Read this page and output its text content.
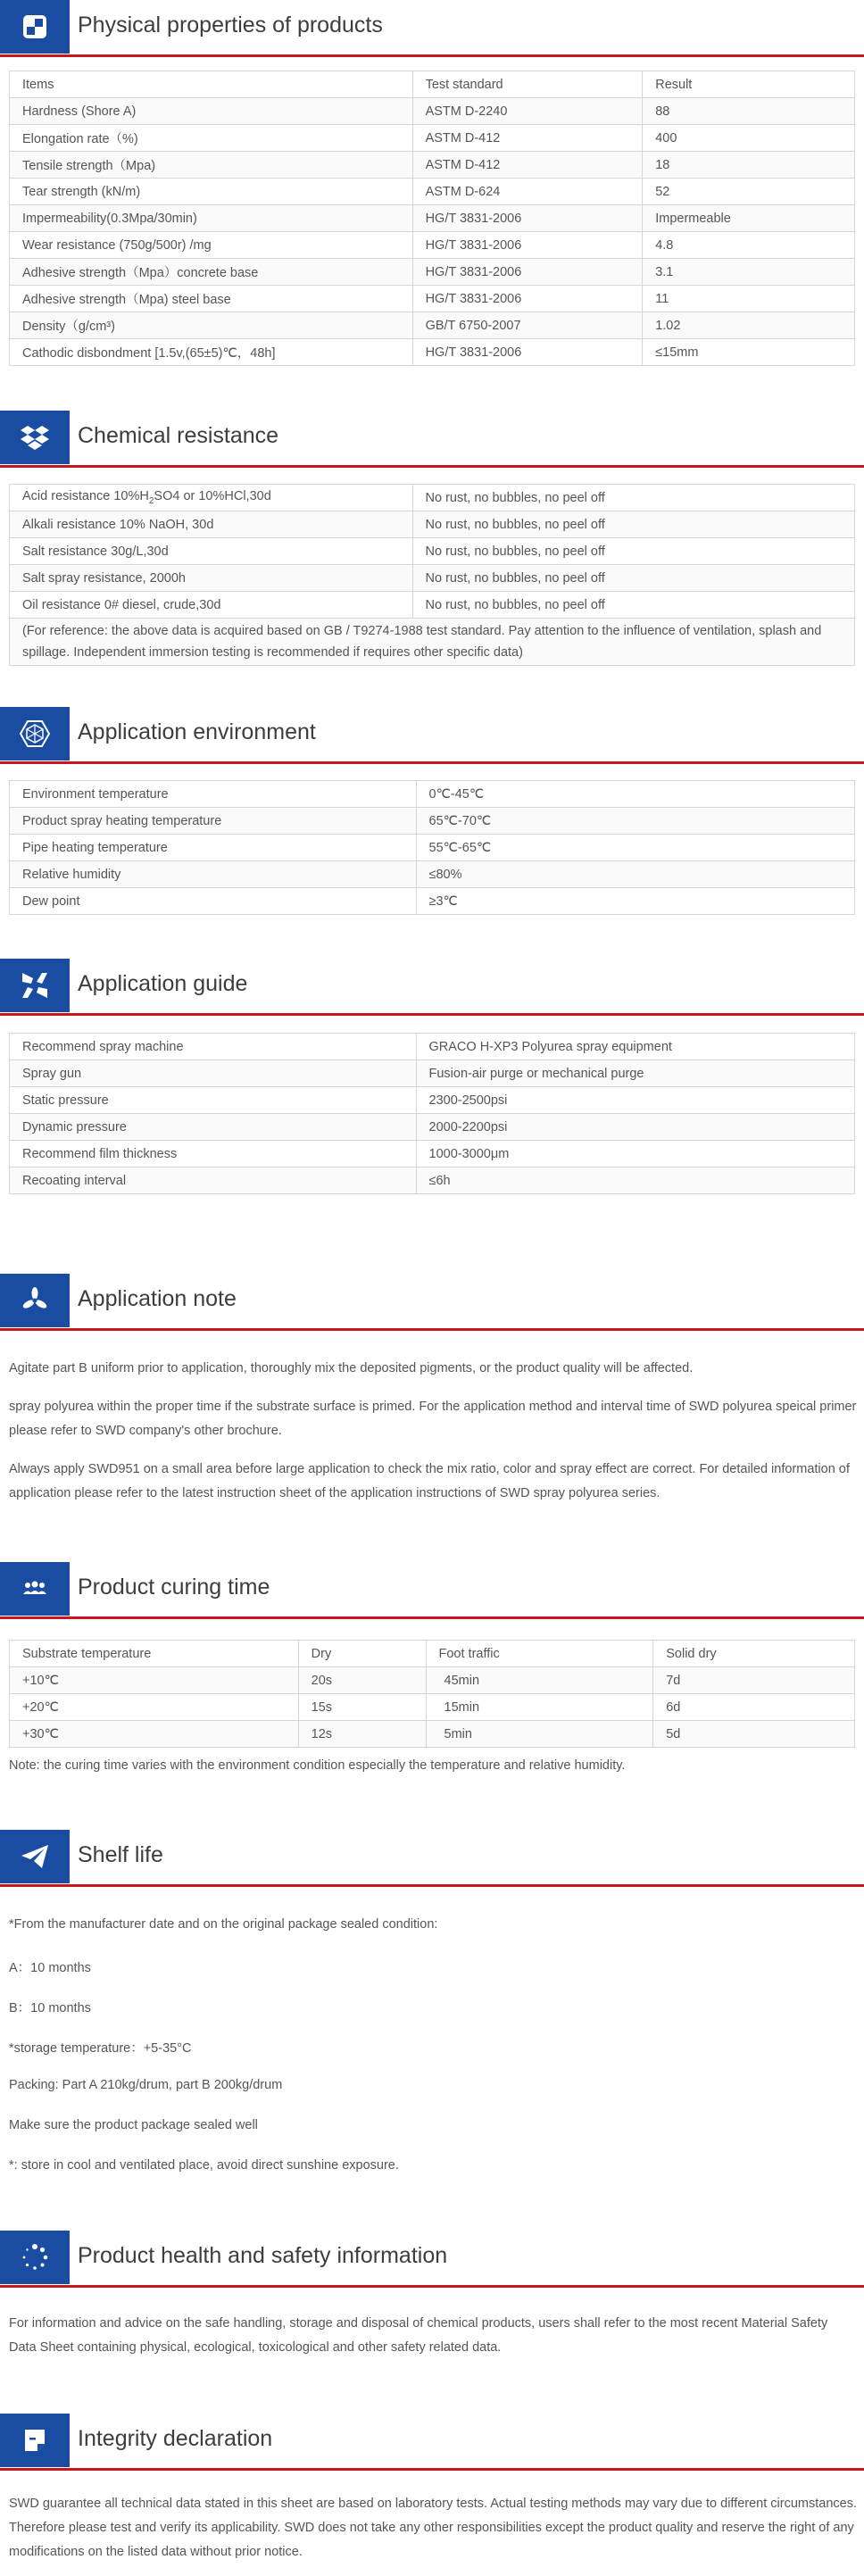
Physical properties of products
Items	Test standard	Result
Hardness (Shore A)	ASTM D-2240	88
Elongation rate（%)	ASTM D-412	400
Tensile strength（Mpa)	ASTM D-412	18
Tear strength (kN/m)	ASTM D-624	52
Impermeability(0.3Mpa/30min)	HG/T 3831-2006	Impermeable
Wear resistance (750g/500r) /mg	HG/T 3831-2006	4.8
Adhesive strength（Mpa）concrete base	HG/T 3831-2006	3.1
Adhesive strength（Mpa) steel base	HG/T 3831-2006	11
Density（g/cm³)	GB/T 6750-2007	1.02
Cathodic disbondment [1.5v,(65±5)℃，48h]	HG/T 3831-2006	≤15mm
Chemical resistance
Acid resistance $10\%H_2SO4$ or 10%HCl,30d	No rust, no bubbles, no peel off
Alkali resistance 10% NaOH, 30d	No rust, no bubbles, no peel off
Salt resistance 30g/L,30d	No rust, no bubbles, no peel off
Salt spray resistance, 2000h	No rust, no bubbles, no peel off
Oil resistance 0# diesel, crude,30d	No rust, no bubbles, no peel off
(For reference: the above data is acquired based on GB / T9274-1988 test standard. Pay attention to the influence of ventilation, splash and spillage. Independent immersion testing is recommended if requires other specific data)	
Application environment
Environment temperature	0℃-45℃
Product spray heating temperature	65℃-70℃
Pipe heating temperature	55℃-65℃
Relative humidity	≤80%
Dew point	≥3℃
Application guide
Recommend spray machine	GRACO H-XP3 Polyurea spray equipment
Spray gun	Fusion-air purge or mechanical purge
Static pressure	2300-2500psi
Dynamic pressure	2000-2200psi
Recommend film thickness	1000-3000μm
Recoating interval	≤6h
Application note
Agitate part B uniform prior to application, thoroughly mix the deposited pigments, or the product quality will be affected.
spray polyurea within the proper time if the substrate surface is primed. For the application method and interval time of SWD polyurea speical primer please refer to SWD company's other brochure.
Always apply SWD951 on a small area before large application to check the mix ratio, color and spray effect are correct. For detailed information of application please refer to the latest instruction sheet of the application instructions of SWD spray polyurea series.
Product curing time
Substrate temperature	Dry	Foot traffic	Solid dry
+10℃	20s	45min	7d
+20℃	15s	15min	6d
+30℃	12s	5min	5d
Note: the curing time varies with the environment condition especially the temperature and relative humidity.
Shelf life
*From the manufacturer date and on the original package sealed condition:
A：10 months
B：10 months
*storage temperature：+5-35°C
Packing: Part A 210kg/drum, part B 200kg/drum
Make sure the product package sealed well
*: store in cool and ventilated place, avoid direct sunshine exposure.
Product health and safety information
For information and advice on the safe handling, storage and disposal of chemical products, users shall refer to the most recent Material Safety Data Sheet containing physical, ecological, toxicological and other safety related data.
Integrity declaration
SWD guarantee all technical data stated in this sheet are based on laboratory tests. Actual testing methods may vary due to different circumstances. Therefore please test and verify its applicability. SWD does not take any other responsibilities except the product quality and reserve the right of any modifications on the listed data without prior notice.
